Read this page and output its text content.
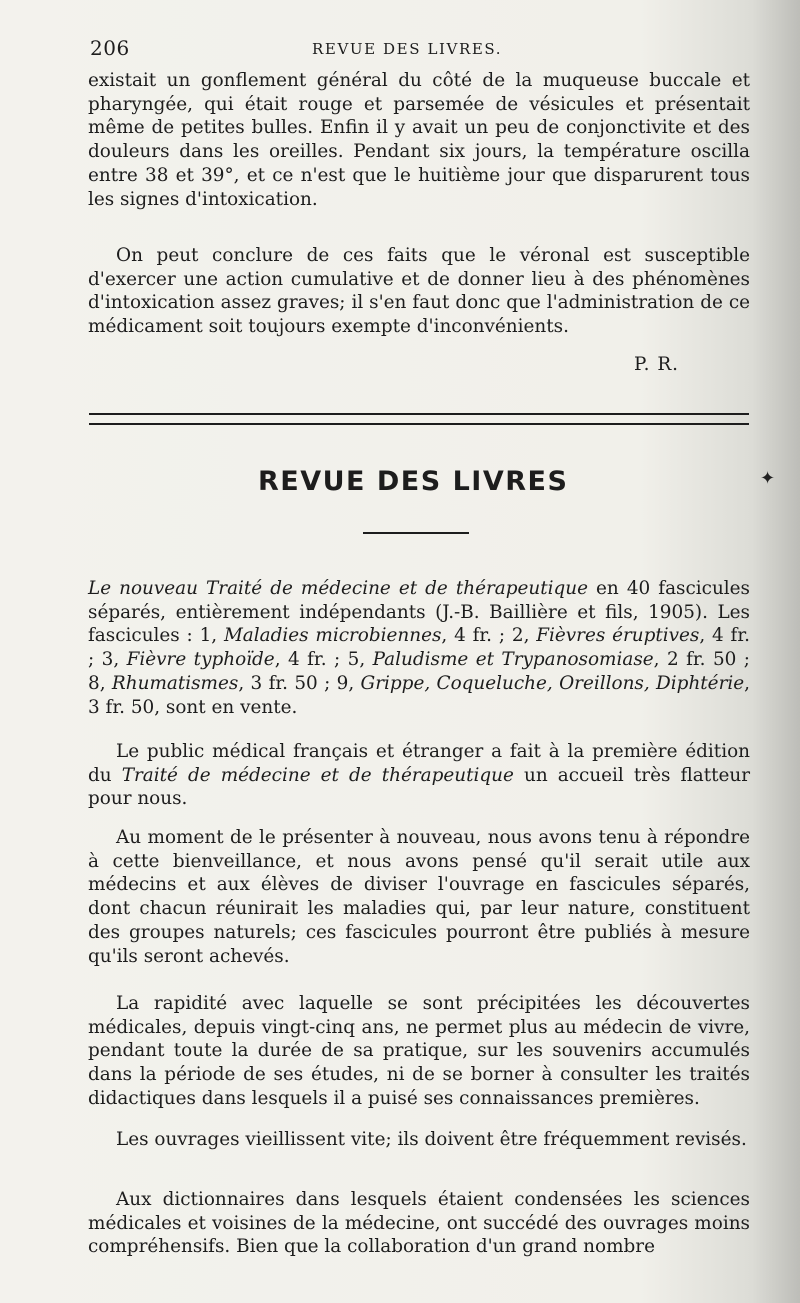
206	REVUE DES LIVRES.

existait un gonflement général du côté de la muqueuse buccale et pharyngée, qui était rouge et parsemée de vésicules et présentait même de petites bulles. Enfin il y avait un peu de conjonctivite et des douleurs dans les oreilles. Pendant six jours, la température oscilla entre 38 et 39°, et ce n'est que le huitième jour que disparurent tous les signes d'intoxication.

On peut conclure de ces faits que le véronal est susceptible d'exercer une action cumulative et de donner lieu à des phénomènes d'intoxication assez graves; il s'en faut donc que l'administration de ce médicament soit toujours exempte d'inconvénients.

P. R.
REVUE DES LIVRES	✦

Le nouveau Traité de médecine et de thérapeutique en 40 fascicules séparés, entièrement indépendants (J.-B. Baillière et fils, 1905). Les fascicules : 1, Maladies microbiennes, 4 fr. ; 2, Fièvres éruptives, 4 fr. ; 3, Fièvre typhoïde, 4 fr. ; 5, Paludisme et Trypanosomiase, 2 fr. 50 ; 8, Rhumatismes, 3 fr. 50 ; 9, Grippe, Coqueluche, Oreillons, Diphtérie, 3 fr. 50, sont en vente.

Le public médical français et étranger a fait à la première édition du Traité de médecine et de thérapeutique un accueil très flatteur pour nous.

Au moment de le présenter à nouveau, nous avons tenu à répondre à cette bienveillance, et nous avons pensé qu'il serait utile aux médecins et aux élèves de diviser l'ouvrage en fascicules séparés, dont chacun réunirait les maladies qui, par leur nature, constituent des groupes naturels; ces fascicules pourront être publiés à mesure qu'ils seront achevés.

La rapidité avec laquelle se sont précipitées les découvertes médicales, depuis vingt-cinq ans, ne permet plus au médecin de vivre, pendant toute la durée de sa pratique, sur les souvenirs accumulés dans la période de ses études, ni de se borner à consulter les traités didactiques dans lesquels il a puisé ses connaissances premières.

Les ouvrages vieillissent vite; ils doivent être fréquemment revisés.

Aux dictionnaires dans lesquels étaient condensées les sciences médicales et voisines de la médecine, ont succédé des ouvrages moins compréhensifs. Bien que la collaboration d'un grand nombre
